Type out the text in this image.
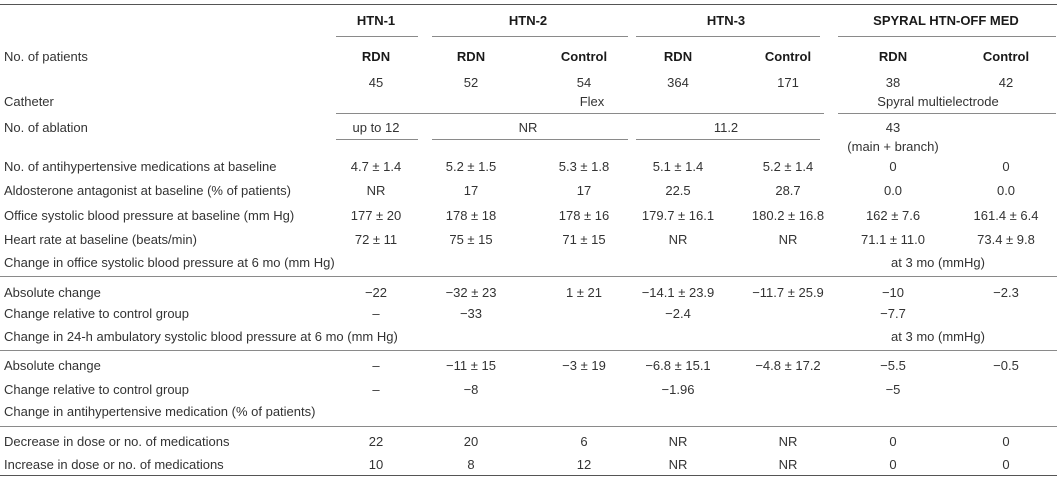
HTN-1	HTN-2	HTN-3	SPYRAL HTN-OFF MED
No. of patients	RDN	RDN	Control	RDN	Control	RDN	Control
45	52	54	364	171	38	42
Catheter	Flex	Spyral multielectrode
No. of ablation	up to 12	NR	11.2	43
(main + branch)
No. of antihypertensive medications at baseline	4.7 ± 1.4	5.2 ± 1.5	5.3 ± 1.8	5.1 ± 1.4	5.2 ± 1.4	0	0
Aldosterone antagonist at baseline (% of patients)	NR	17	17	22.5	28.7	0.0	0.0
Office systolic blood pressure at baseline (mm Hg)	177 ± 20	178 ± 18	178 ± 16	179.7 ± 16.1	180.2 ± 16.8	162 ± 7.6	161.4 ± 6.4
Heart rate at baseline (beats/min)	72 ± 11	75 ± 15	71 ± 15	NR	NR	71.1 ± 11.0	73.4 ± 9.8
Change in office systolic blood pressure at 6 mo (mm Hg)	at 3 mo (mmHg)
Absolute change	−22	−32 ± 23	1 ± 21	−14.1 ± 23.9	−11.7 ± 25.9	−10	−2.3
Change relative to control group	–	−33	−2.4	−7.7
Change in 24-h ambulatory systolic blood pressure at 6 mo (mm Hg)	at 3 mo (mmHg)
Absolute change	–	−11 ± 15	−3 ± 19	−6.8 ± 15.1	−4.8 ± 17.2	−5.5	−0.5
Change relative to control group	–	−8	−1.96	−5
Change in antihypertensive medication (% of patients)
Decrease in dose or no. of medications	22	20	6	NR	NR	0	0
Increase in dose or no. of medications	10	8	12	NR	NR	0	0
